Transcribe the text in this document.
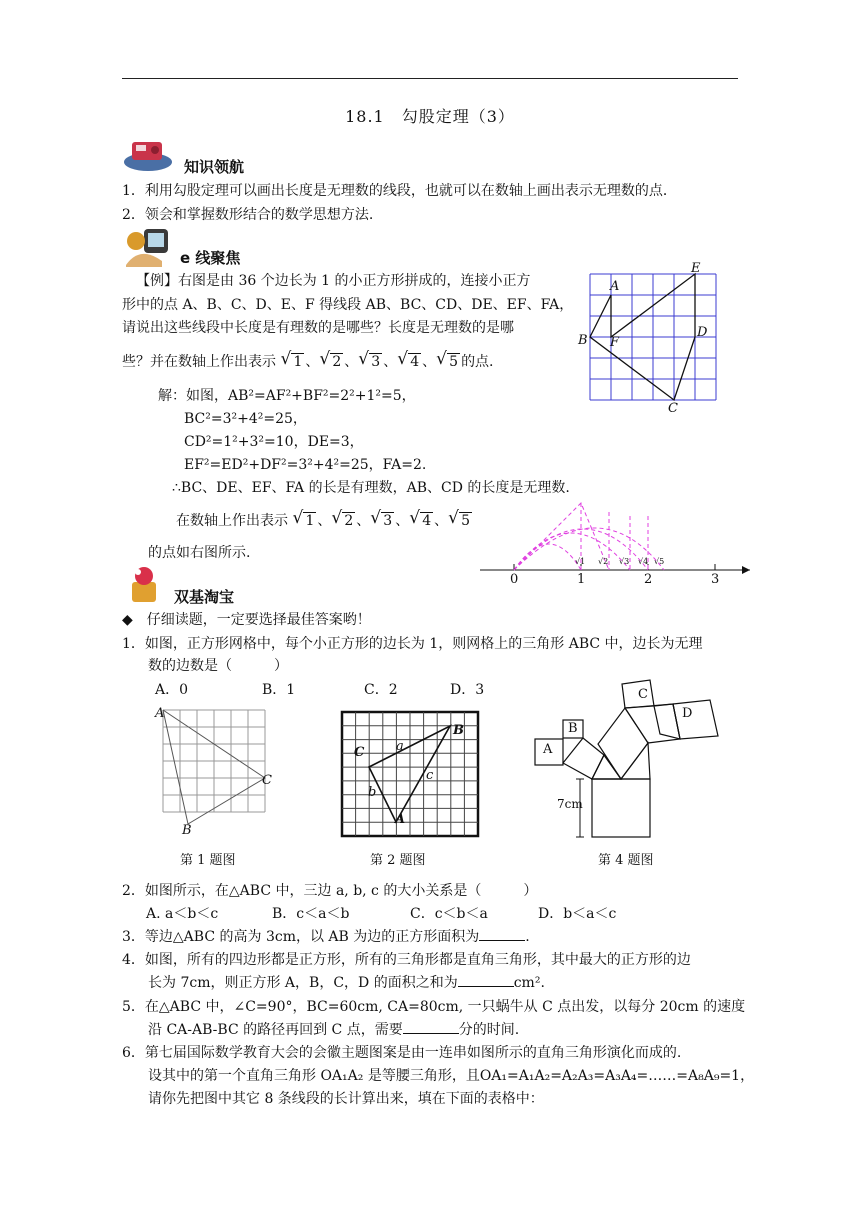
18.1　勾股定理（3）
知识领航
1．利用勾股定理可以画出长度是无理数的线段，也就可以在数轴上画出表示无理数的点．
2．领会和掌握数形结合的数学思想方法.
e 线聚焦
【例】右图是由 36 个边长为 1 的小正方形拼成的，连接小正方
形中的点 A、B、C、D、E、F 得线段 AB、BC、CD、DE、EF、FA，
请说出这些线段中长度是有理数的是哪些？长度是无理数的是哪
些？并在数轴上作出表示 √ 1 、 √ 2 、 √ 3 、 √ 4 、 √ 5 的点.
解：如图，AB²=AF²+BF²=2²+1²=5，
BC²=3²+4²=25，
CD²=1²+3²=10，DE=3，
EF²=ED²+DF²=3²+4²=25，FA=2.
∴BC、DE、EF、FA 的长是有理数，AB、CD 的长度是无理数.
在数轴上作出表示 √ 1 、 √ 2 、 √ 3 、 √ 4 、 √ 5
的点如右图所示.
A
B
C
D
E
F
√1 √2 √3 √4 √5
0	1	2	3
双基淘宝
◆　仔细读题，一定要选择最佳答案哟！
1．如图，正方形网格中，每个小正方形的边长为 1，则网格上的三角形 ABC 中，边长为无理
数的边数是（　　　）
A．0	B．1	C．2	D．3
A
B
C
C
B
A
a
b
c
A
B
C
D
7cm
第 1 题图	第 2 题图	第 4 题图
2．如图所示，在△ABC 中，三边 a, b, c 的大小关系是（　　　）
A. a＜b＜c	B．c＜a＜b	C．c＜b＜a	D．b＜a＜c
3．等边△ABC 的高为 3cm，以 AB 为边的正方形面积为	.
4．如图，所有的四边形都是正方形，所有的三角形都是直角三角形，其中最大的正方形的边
长为 7cm，则正方形 A，B，C，D 的面积之和为	cm².
5．在△ABC 中，∠C=90°，BC=60cm, CA=80cm, 一只蜗牛从 C 点出发，以每分 20cm 的速度
沿 CA-AB-BC 的路径再回到 C 点，需要	分的时间.
6．第七届国际数学教育大会的会徽主题图案是由一连串如图所示的直角三角形演化而成的.
设其中的第一个直角三角形 OA₁A₂ 是等腰三角形，且OA₁=A₁A₂=A₂A₃=A₃A₄=……=A₈A₉=1，
请你先把图中其它 8 条线段的长计算出来，填在下面的表格中：
